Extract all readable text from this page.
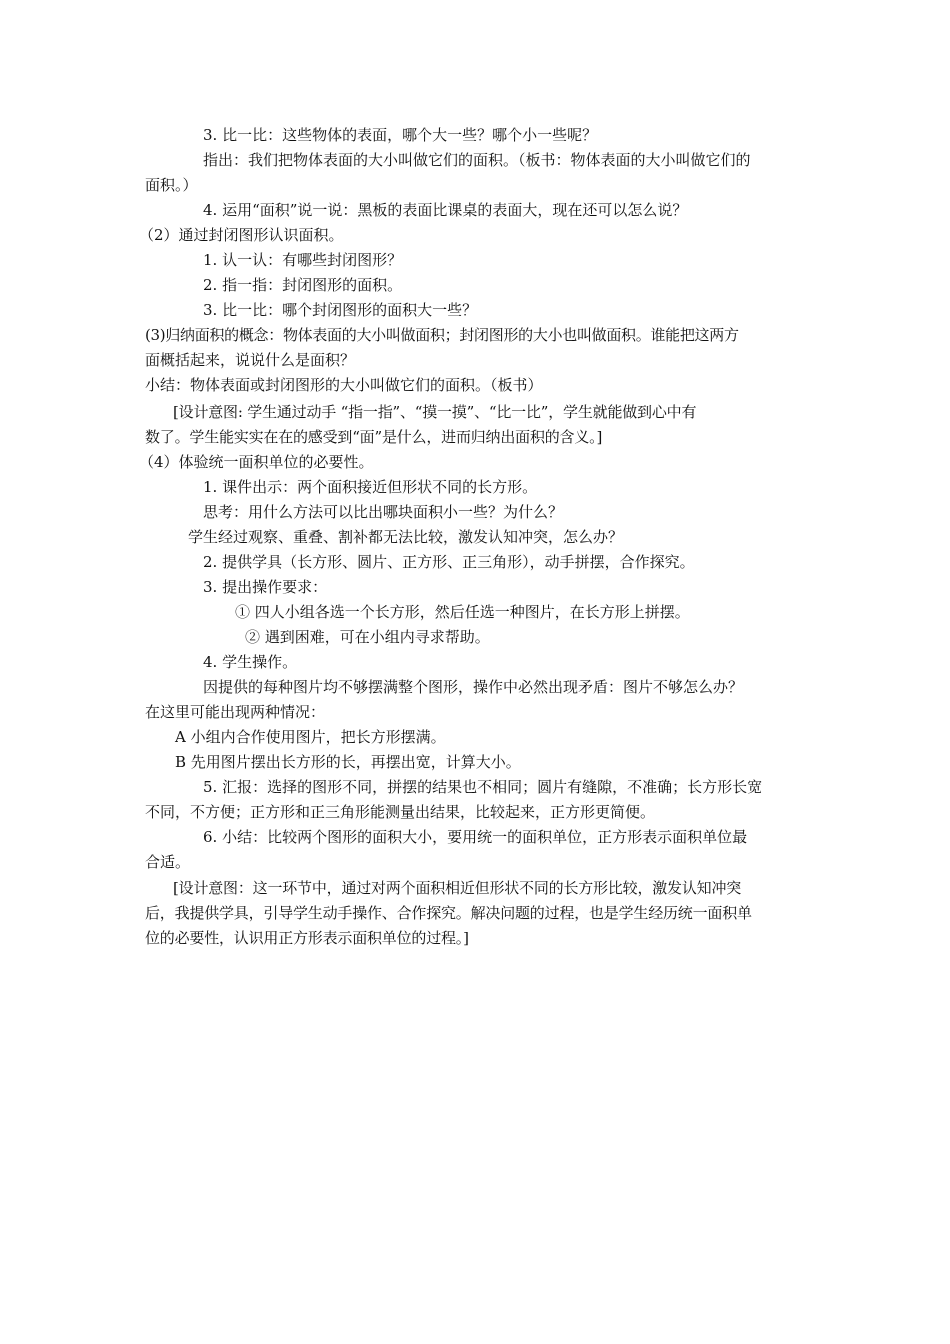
3. 比一比：这些物体的表面，哪个大一些？哪个小一些呢？
指出：我们把物体表面的大小叫做它们的面积。（板书：物体表面的大小叫做它们的
面积。）
4. 运用“面积”说一说：黑板的表面比课桌的表面大，现在还可以怎么说？
（2）通过封闭图形认识面积。
1. 认一认：有哪些封闭图形？
2. 指一指：封闭图形的面积。
3. 比一比：哪个封闭图形的面积大一些？
(3)归纳面积的概念：物体表面的大小叫做面积；封闭图形的大小也叫做面积。谁能把这两方
面概括起来，说说什么是面积？
小结：物体表面或封闭图形的大小叫做它们的面积。（板书）
[设计意图: 学生通过动手 “指一指”、“摸一摸”、“比一比”，学生就能做到心中有
数了。学生能实实在在的感受到“面”是什么，进而归纳出面积的含义。]
（4）体验统一面积单位的必要性。
1. 课件出示：两个面积接近但形状不同的长方形。
思考：用什么方法可以比出哪块面积小一些？为什么？
学生经过观察、重叠、割补都无法比较，激发认知冲突，怎么办？
2. 提供学具（长方形、圆片、正方形、正三角形），动手拼摆，合作探究。
3. 提出操作要求：
① 四人小组各选一个长方形，然后任选一种图片，在长方形上拼摆。
② 遇到困难，可在小组内寻求帮助。
4. 学生操作。
因提供的每种图片均不够摆满整个图形，操作中必然出现矛盾：图片不够怎么办？
在这里可能出现两种情况：
A 小组内合作使用图片，把长方形摆满。
B 先用图片摆出长方形的长，再摆出宽，计算大小。
5. 汇报：选择的图形不同，拼摆的结果也不相同；圆片有缝隙，不准确；长方形长宽
不同，不方便；正方形和正三角形能测量出结果，比较起来，正方形更简便。
6. 小结：比较两个图形的面积大小，要用统一的面积单位，正方形表示面积单位最
合适。
[设计意图：这一环节中，通过对两个面积相近但形状不同的长方形比较，激发认知冲突
后，我提供学具，引导学生动手操作、合作探究。解决问题的过程，也是学生经历统一面积单
位的必要性，认识用正方形表示面积单位的过程。]
